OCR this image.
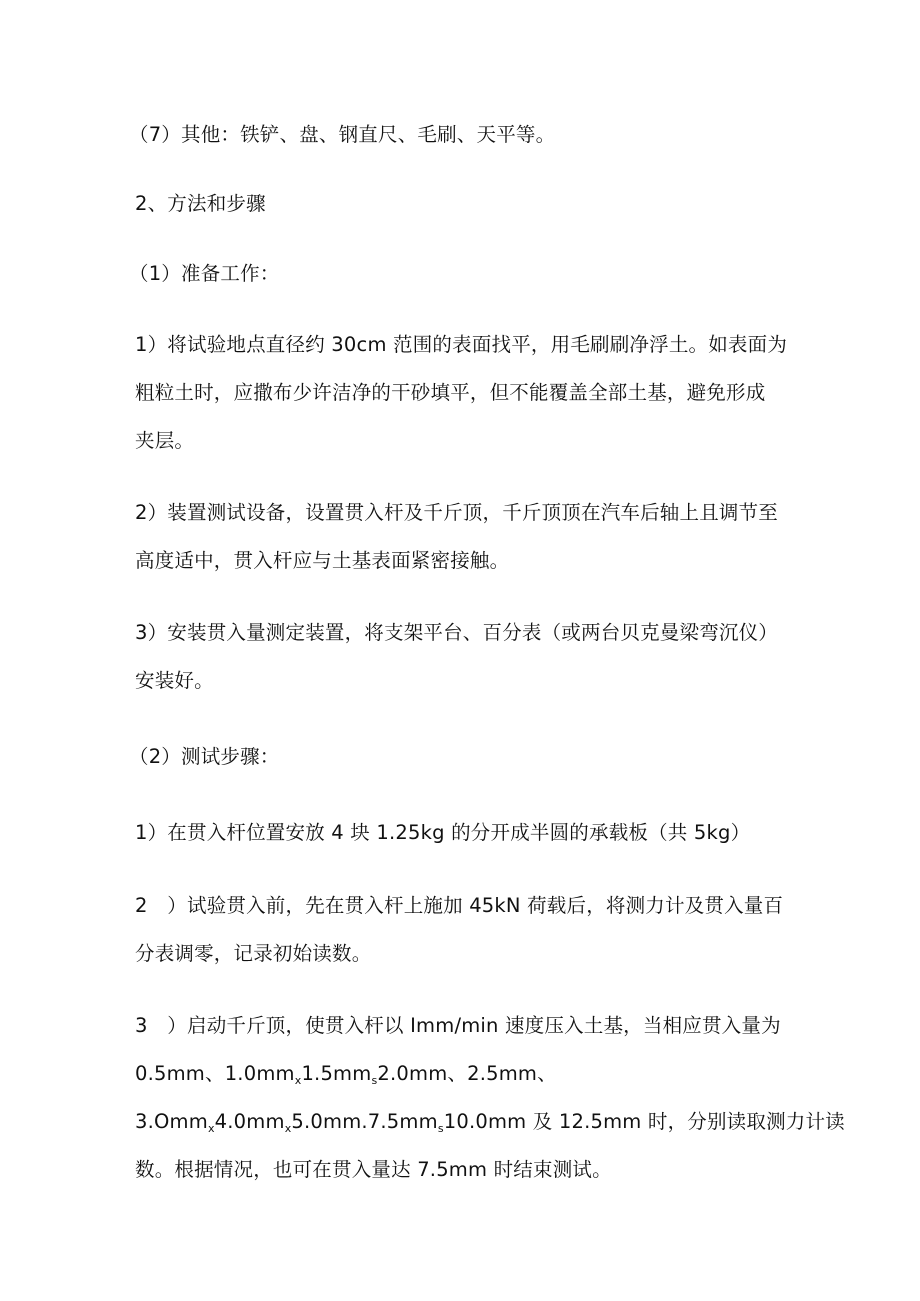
（7）其他：铁铲、盘、钢直尺、毛刷、天平等。
2、方法和步骤
（1）准备工作：
1）将试验地点直径约 30cm 范围的表面找平，用毛刷刷净浮土。如表面为
粗粒土时，应撒布少许洁净的干砂填平，但不能覆盖全部土基，避免形成
夹层。
2）装置测试设备，设置贯入杆及千斤顶，千斤顶顶在汽车后轴上且调节至
高度适中，贯入杆应与土基表面紧密接触。
3）安装贯入量测定装置，将支架平台、百分表（或两台贝克曼梁弯沉仪）
安装好。
（2）测试步骤：
1）在贯入杆位置安放 4 块 1.25kg 的分开成半圆的承载板（共 5kg）
2　）试验贯入前，先在贯入杆上施加 45kN 荷载后，将测力计及贯入量百
分表调零，记录初始读数。
3　）启动千斤顶，使贯入杆以 Imm/min 速度压入土基，当相应贯入量为
0.5mm、$1.0mm_x1.5mm_s2.0mm$、2.5mm、
$3.Omm_x4.0mm_x5.0mm.7.5mm_s10.0mm$ 及 12.5mm 时，分别读取测力计读
数。根据情况，也可在贯入量达 7.5mm 时结束测试。
